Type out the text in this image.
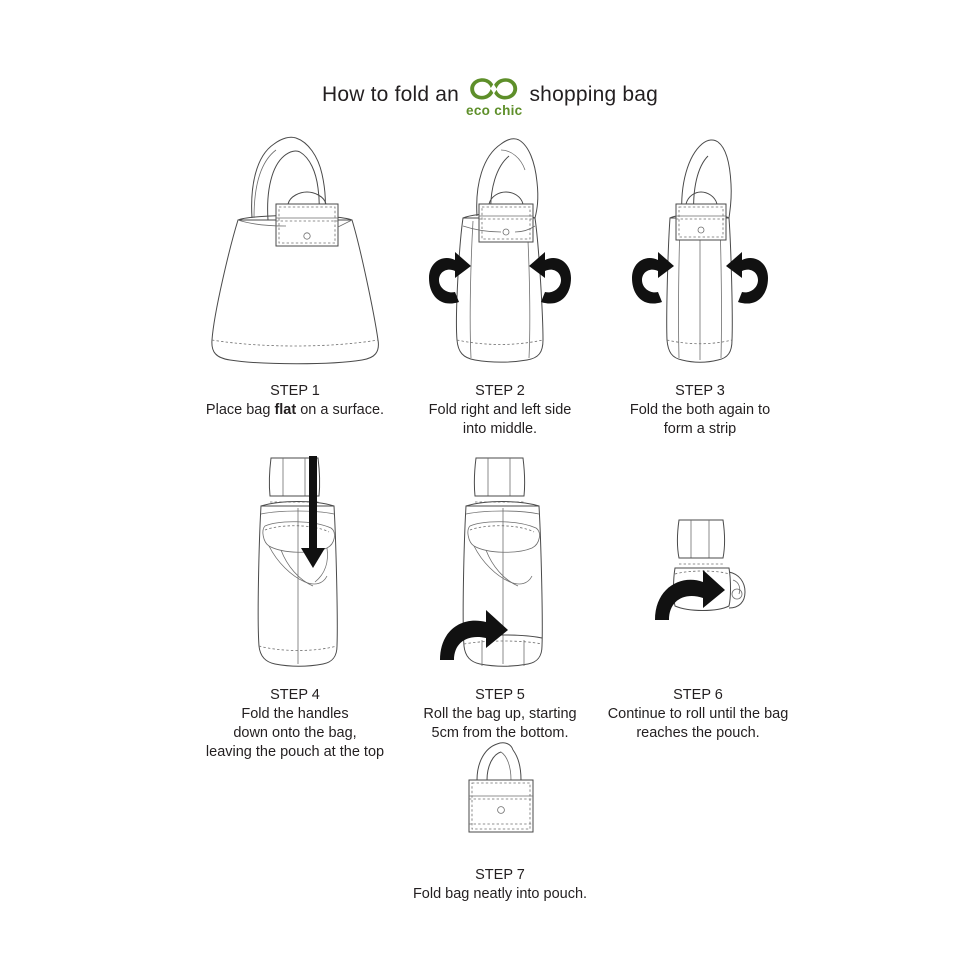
How to fold an
eco chic
shopping bag
STEP 1
Place bag flat on a surface.
STEP 2
Fold right and left side
into middle.
STEP 3
Fold the both again to
form a strip
STEP 4
Fold the handles
down onto the bag,
leaving the pouch at the top
STEP 5
Roll the bag up, starting
5cm from the bottom.
STEP 6
Continue to roll until the bag
reaches the pouch.
STEP 7
Fold bag neatly into pouch.
